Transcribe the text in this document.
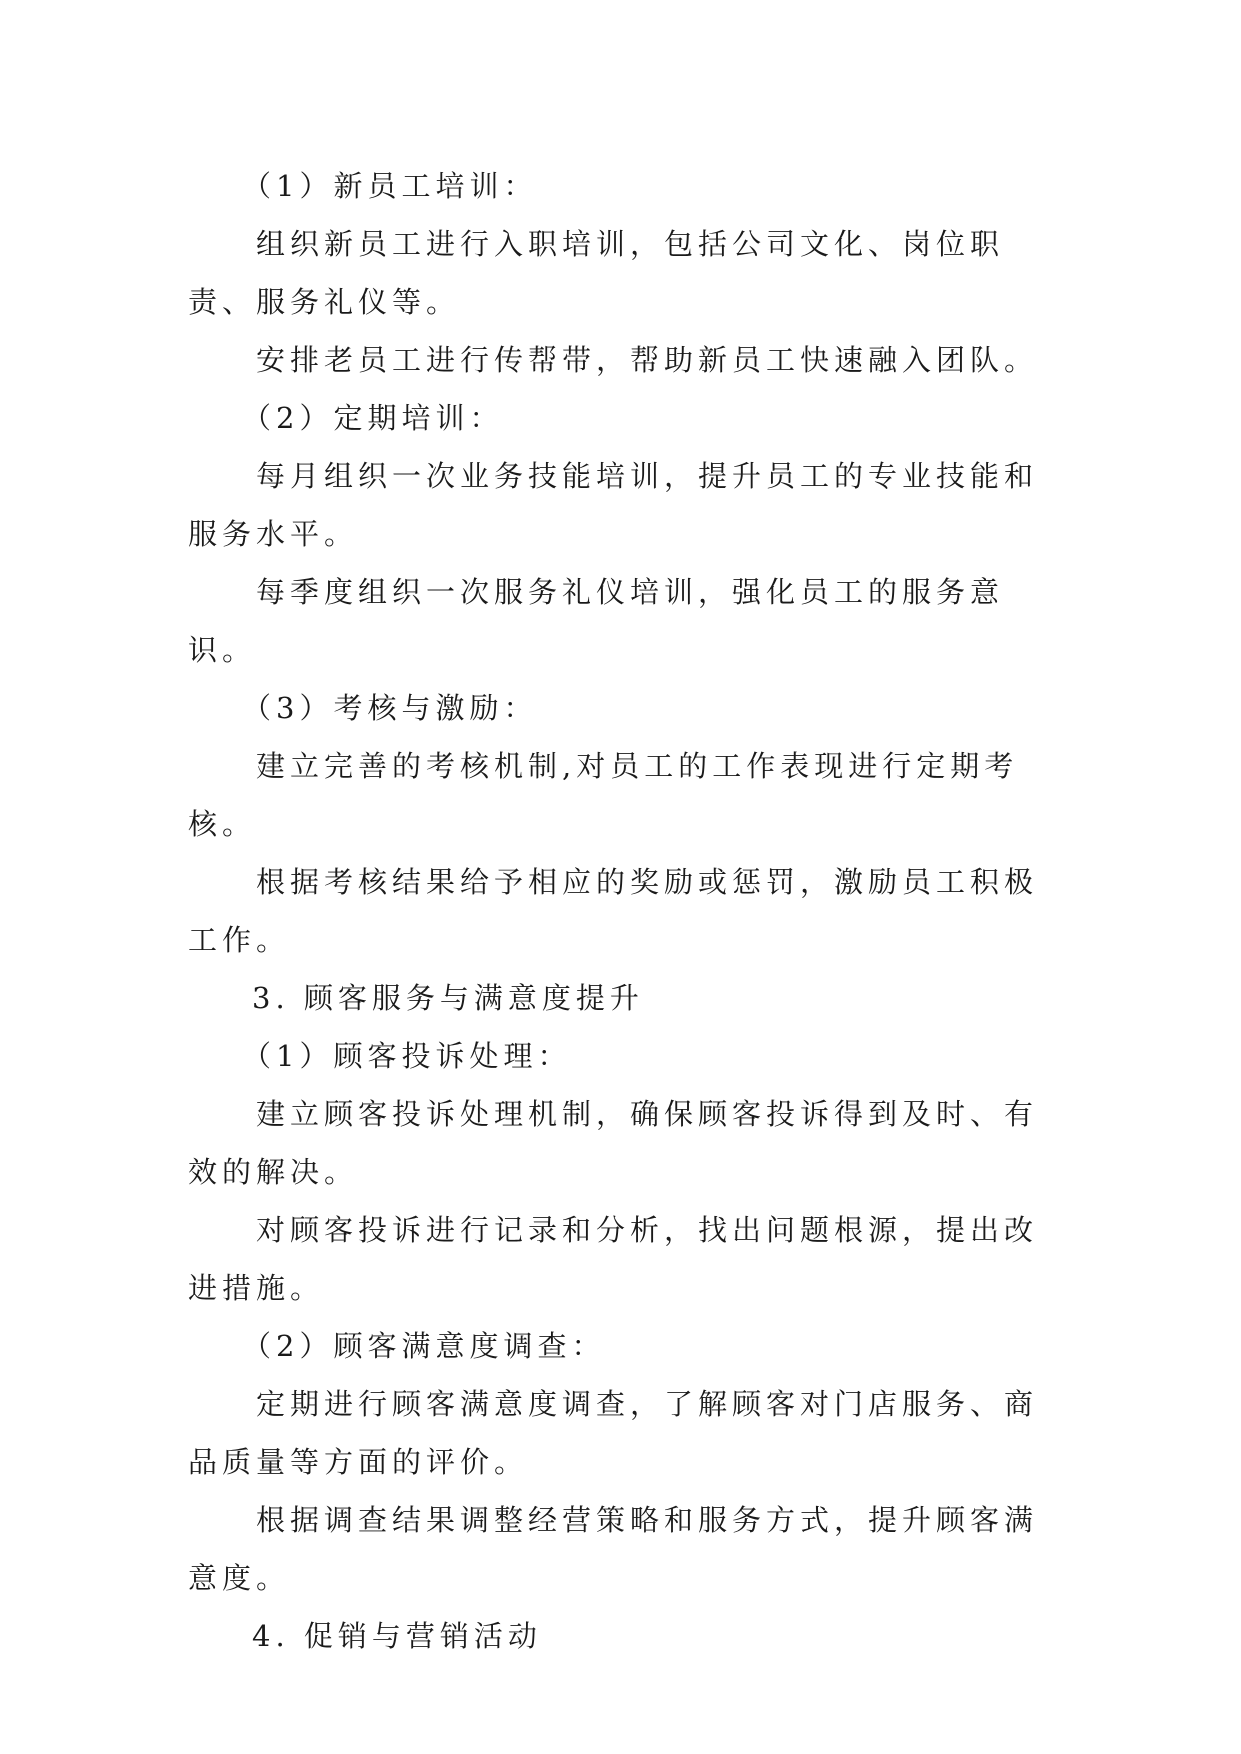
（1）新员工培训：

组织新员工进行入职培训，包括公司文化、岗位职责、服务礼仪等。

安排老员工进行传帮带，帮助新员工快速融入团队。

（2）定期培训：

每月组织一次业务技能培训，提升员工的专业技能和服务水平。

每季度组织一次服务礼仪培训，强化员工的服务意识。

（3）考核与激励：

建立完善的考核机制,对员工的工作表现进行定期考核。

根据考核结果给予相应的奖励或惩罚，激励员工积极工作。

3. 顾客服务与满意度提升

（1）顾客投诉处理：

建立顾客投诉处理机制，确保顾客投诉得到及时、有效的解决。

对顾客投诉进行记录和分析，找出问题根源，提出改进措施。

（2）顾客满意度调查：

定期进行顾客满意度调查，了解顾客对门店服务、商品质量等方面的评价。

根据调查结果调整经营策略和服务方式，提升顾客满意度。

4. 促销与营销活动
